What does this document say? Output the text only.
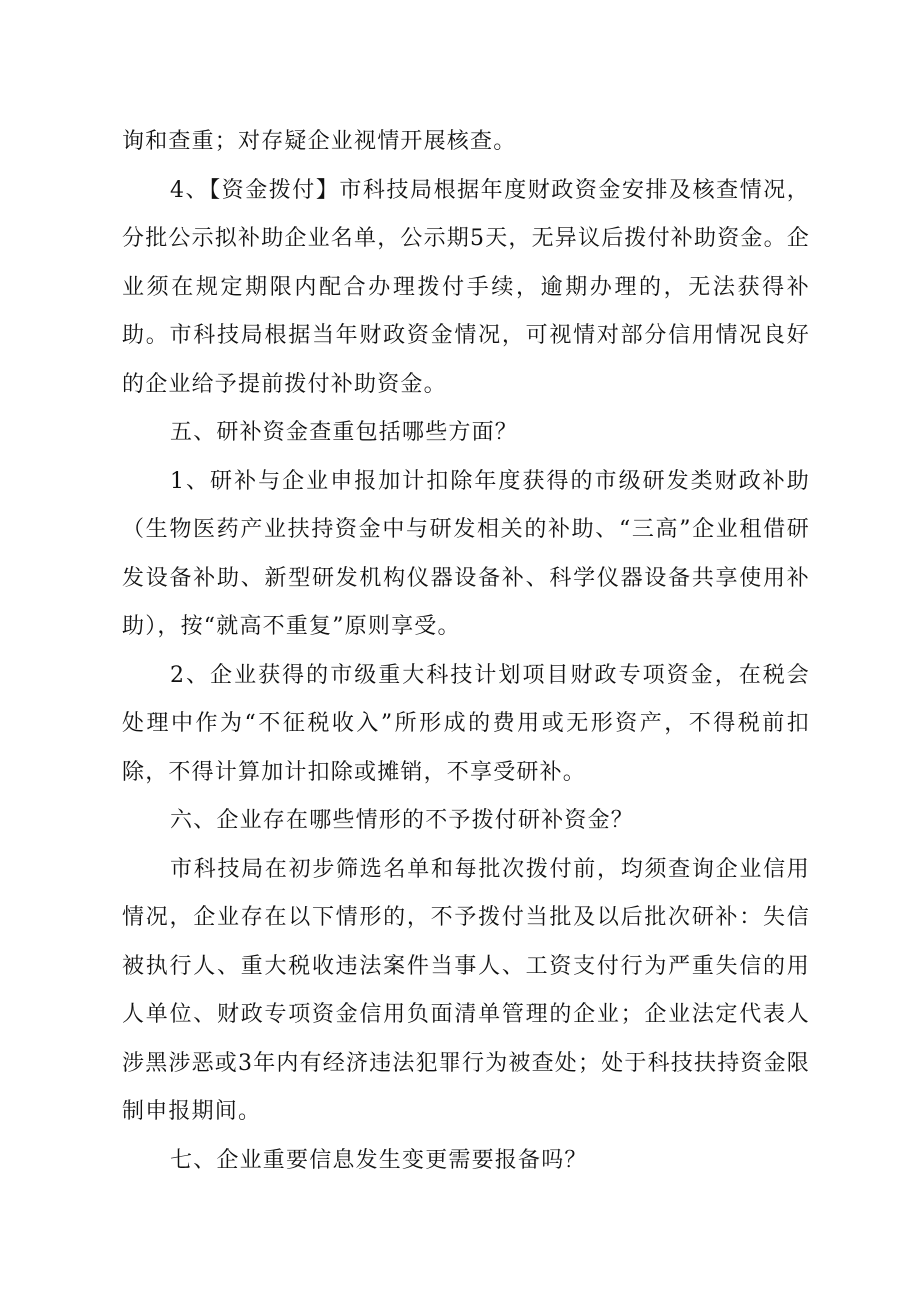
询和查重；对存疑企业视情开展核查。

4、【资金拨付】市科技局根据年度财政资金安排及核查情况，分批公示拟补助企业名单，公示期5天，无异议后拨付补助资金。企业须在规定期限内配合办理拨付手续，逾期办理的，无法获得补助。市科技局根据当年财政资金情况，可视情对部分信用情况良好的企业给予提前拨付补助资金。

五、研补资金查重包括哪些方面？

1、研补与企业申报加计扣除年度获得的市级研发类财政补助（生物医药产业扶持资金中与研发相关的补助、“三高”企业租借研发设备补助、新型研发机构仪器设备补、科学仪器设备共享使用补助），按“就高不重复”原则享受。

2、企业获得的市级重大科技计划项目财政专项资金，在税会处理中作为“不征税收入”所形成的费用或无形资产，不得税前扣除，不得计算加计扣除或摊销，不享受研补。

六、企业存在哪些情形的不予拨付研补资金？

市科技局在初步筛选名单和每批次拨付前，均须查询企业信用情况，企业存在以下情形的，不予拨付当批及以后批次研补：失信被执行人、重大税收违法案件当事人、工资支付行为严重失信的用人单位、财政专项资金信用负面清单管理的企业；企业法定代表人涉黑涉恶或3年内有经济违法犯罪行为被查处；处于科技扶持资金限制申报期间。

七、企业重要信息发生变更需要报备吗？
